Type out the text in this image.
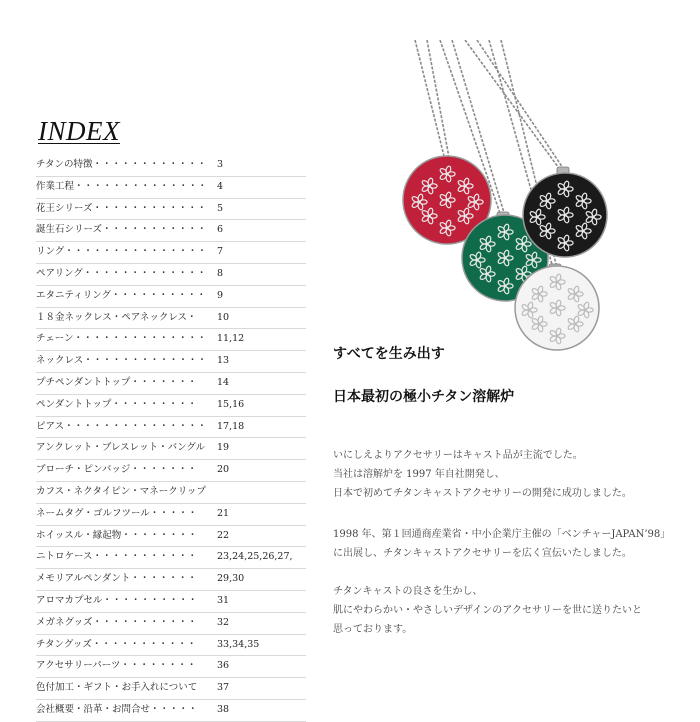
INDEX
チタンの特徴・・・・・・・・・・・・ 3
作業工程・・・・・・・・・・・・・・ 4
花王シリーズ・・・・・・・・・・・・ 5
誕生石シリーズ・・・・・・・・・・・ 6
リング・・・・・・・・・・・・・・・ 7
ペアリング・・・・・・・・・・・・・ 8
エタニティリング・・・・・・・・・・ 9
１８金ネックレス・ペアネックレス・ 10
チェーン・・・・・・・・・・・・・・ 11,12
ネックレス・・・・・・・・・・・・・ 13
プチペンダントトップ・・・・・・・ 14
ペンダントトップ・・・・・・・・・ 15,16
ピアス・・・・・・・・・・・・・・・ 17,18
アンクレット・ブレスレット・バングル 19
ブローチ・ピンバッジ・・・・・・・ 20
カフス・ネクタイピン・マネークリップ
ネームタグ・ゴルフツール・・・・・ 21
ホイッスル・縁起物・・・・・・・・ 22
ニトロケース・・・・・・・・・・・ 23,24,25,26,27,
メモリアルペンダント・・・・・・・ 29,30
アロマカプセル・・・・・・・・・・ 31
メガネグッズ・・・・・・・・・・・ 32
チタングッズ・・・・・・・・・・・ 33,34,35
アクセサリーパーツ・・・・・・・・ 36
色付加工・ギフト・お手入れについて 37
会社概要・沿革・お問合せ・・・・・ 38
すべてを生み出す
日本最初の極小チタン溶解炉

いにしえよりアクセサリーはキャスト品が主流でした。
当社は溶解炉を 1997 年自社開発し、
日本で初めてチタンキャストアクセサリーの開発に成功しました。

1998 年、第１回通商産業省・中小企業庁主催の「ベンチャーJAPAN’98」
に出展し、チタンキャストアクセサリーを広く宣伝いたしました。

チタンキャストの良さを生かし、
肌にやわらかい・やさしいデザインのアクセサリーを世に送りたいと
思っております。
